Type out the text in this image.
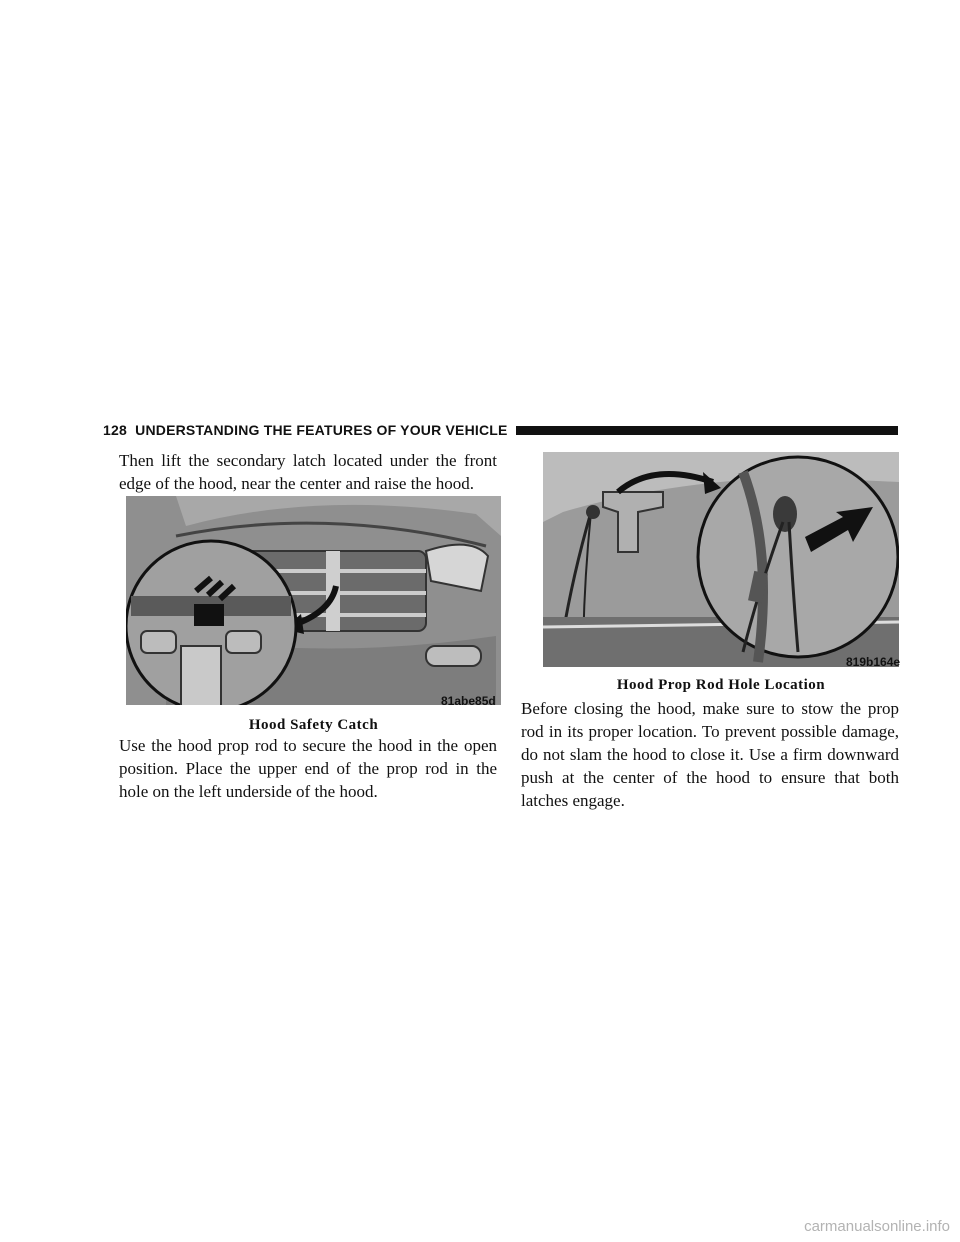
128 UNDERSTANDING THE FEATURES OF YOUR VEHICLE

Then lift the secondary latch located under the front edge of the hood, near the center and raise the hood.

81abe85d

Hood Safety Catch

Use the hood prop rod to secure the hood in the open position. Place the upper end of the prop rod in the hole on the left underside of the hood.

819b164e

Hood Prop Rod Hole Location

Before closing the hood, make sure to stow the prop rod in its proper location. To prevent possible damage, do not slam the hood to close it. Use a firm downward push at the center of the hood to ensure that both latches engage.

carmanualsonline.info
